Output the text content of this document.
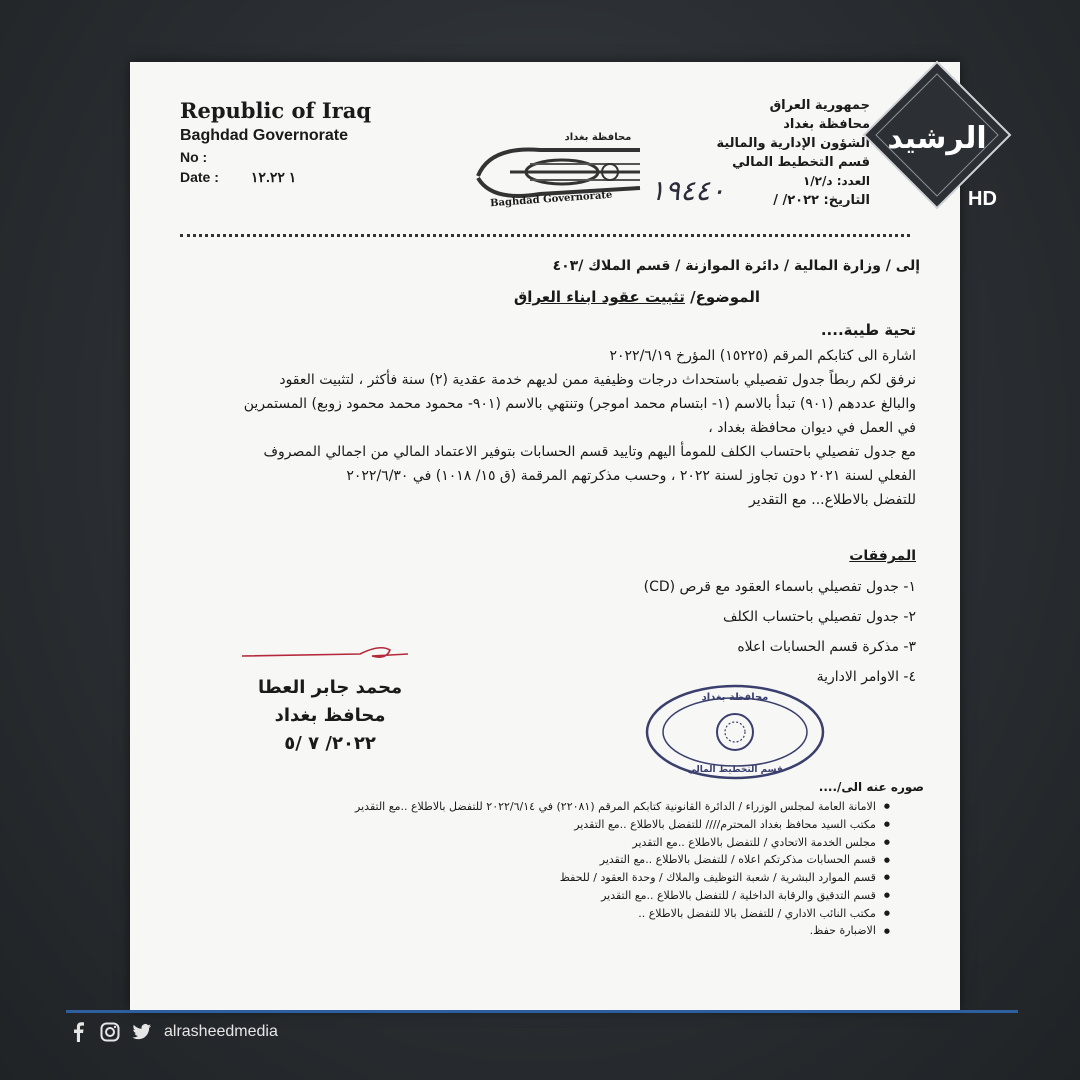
Republic of Iraq
Baghdad Governorate
No :
Date : ١ ١٢.٢٢
محافظة بغداد
Baghdad Governorate
جمهورية العراق
محافظة بغداد
الشؤون الإدارية والمالية
قسم التخطيط المالي
العدد: د/١/٢
التاريخ: ٢٠٢٢/ /
١٩٤٤٠
إلى / وزارة المالية / دائرة الموازنة / قسم الملاك /٤٠٣
الموضوع/ تثبيت عقود ابناء العراق
تحية طيبة....
اشارة الى كتابكم المرقم (١٥٢٢٥) المؤرخ ٢٠٢٢/٦/١٩
نرفق لكم ربطاً جدول تفصيلي باستحداث درجات وظيفية ممن لديهم خدمة عقدية (٢) سنة فأكثر ، لتثبيت العقود
والبالغ عددهم (٩٠١) تبدأ بالاسم (١- ابتسام محمد اموجر) وتنتهي بالاسم (٩٠١- محمود محمد محمود زوبع) المستمرين
في العمل في ديوان محافظة بغداد ،
مع جدول تفصيلي باحتساب الكلف للمومأ اليهم وتاييد قسم الحسابات بتوفير الاعتماد المالي من اجمالي المصروف
الفعلي لسنة ٢٠٢١ دون تجاوز لسنة ٢٠٢٢ ، وحسب مذكرتهم المرقمة (ق ١٥/ ١٠١٨) في ٢٠٢٢/٦/٣٠
للتفضل بالاطلاع... مع التقدير
المرفقات
١- جدول تفصيلي باسماء العقود مع قرص (CD)
٢- جدول تفصيلي باحتساب الكلف
٣- مذكرة قسم الحسابات اعلاه
٤- الاوامر الادارية
محمد جابر العطا
محافظ بغداد
٢٠٢٢/ ٧ /٥
محافظة بغداد
قسم التخطيط المالي
صوره عنه الى/....
● الامانة العامة لمجلس الوزراء / الدائرة القانونية كتابكم المرقم (٢٢٠٨١) في ٢٠٢٢/٦/١٤ للتفضل بالاطلاع ..مع التقدير
● مكتب السيد محافظ بغداد المحترم//// للتفضل بالاطلاع ..مع التقدير
● مجلس الخدمة الاتحادي / للتفضل بالاطلاع ..مع التقدير
● قسم الحسابات مذكرتكم اعلاه / للتفضل بالاطلاع ..مع التقدير
● قسم الموارد البشرية / شعبة التوظيف والملاك / وحدة العقود / للحفظ
● قسم التدقيق والرقابة الداخلية / للتفضل بالاطلاع ..مع التقدير
● مكتب النائب الاداري / للتفضل بالا للتفضل بالاطلاع ..
● الاضبارة حفظ.
الرشيد
HD
alrasheedmedia
